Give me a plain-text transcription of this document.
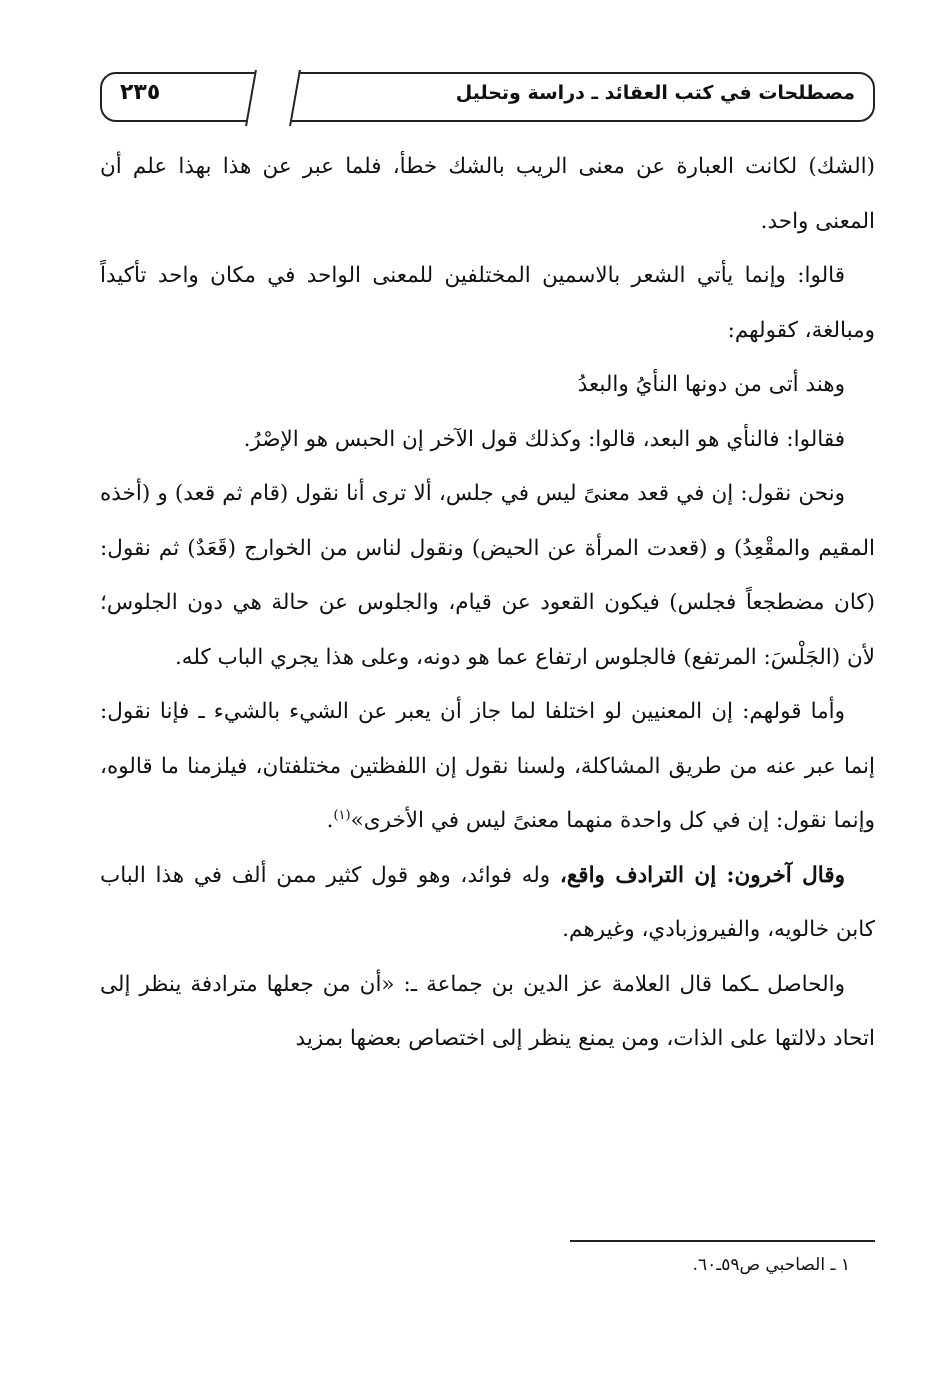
٢٣٥	مصطلحات في كتب العقائد ـ دراسة وتحليل

(الشك) لكانت العبارة عن معنى الريب بالشك خطأ، فلما عبر عن هذا بهذا علم أن المعنى واحد.

قالوا: وإنما يأتي الشعر بالاسمين المختلفين للمعنى الواحد في مكان واحد تأكيداً ومبالغة، كقولهم:

وهند أتى من دونها النأيُ والبعدُ

فقالوا: فالنأي هو البعد، قالوا: وكذلك قول الآخر إن الحبس هو الإصْرُ.

ونحن نقول: إن في قعد معنىً ليس في جلس، ألا ترى أنا نقول (قام ثم قعد) و (أخذه المقيم والمقْعِدُ) و (قعدت المرأة عن الحيض) ونقول لناس من الخوارج (قَعَدٌ) ثم نقول: (كان مضطجعاً فجلس) فيكون القعود عن قيام، والجلوس عن حالة هي دون الجلوس؛ لأن (الجَلْسَ: المرتفع) فالجلوس ارتفاع عما هو دونه، وعلى هذا يجري الباب كله.

وأما قولهم: إن المعنيين لو اختلفا لما جاز أن يعبر عن الشيء بالشيء ـ فإنا نقول: إنما عبر عنه من طريق المشاكلة، ولسنا نقول إن اللفظتين مختلفتان، فيلزمنا ما قالوه، وإنما نقول: إن في كل واحدة منهما معنىً ليس في الأخرى»$^{(١)}$.

وقال آخرون: إن الترادف واقع، وله فوائد، وهو قول كثير ممن ألف في هذا الباب كابن خالويه، والفيروزبادي، وغيرهم.

والحاصل ـكما قال العلامة عز الدين بن جماعة ـ: «أن من جعلها مترادفة ينظر إلى اتحاد دلالتها على الذات، ومن يمنع ينظر إلى اختصاص بعضها بمزيد

١ ـ الصاحبي ص٥٩ـ٦٠.
